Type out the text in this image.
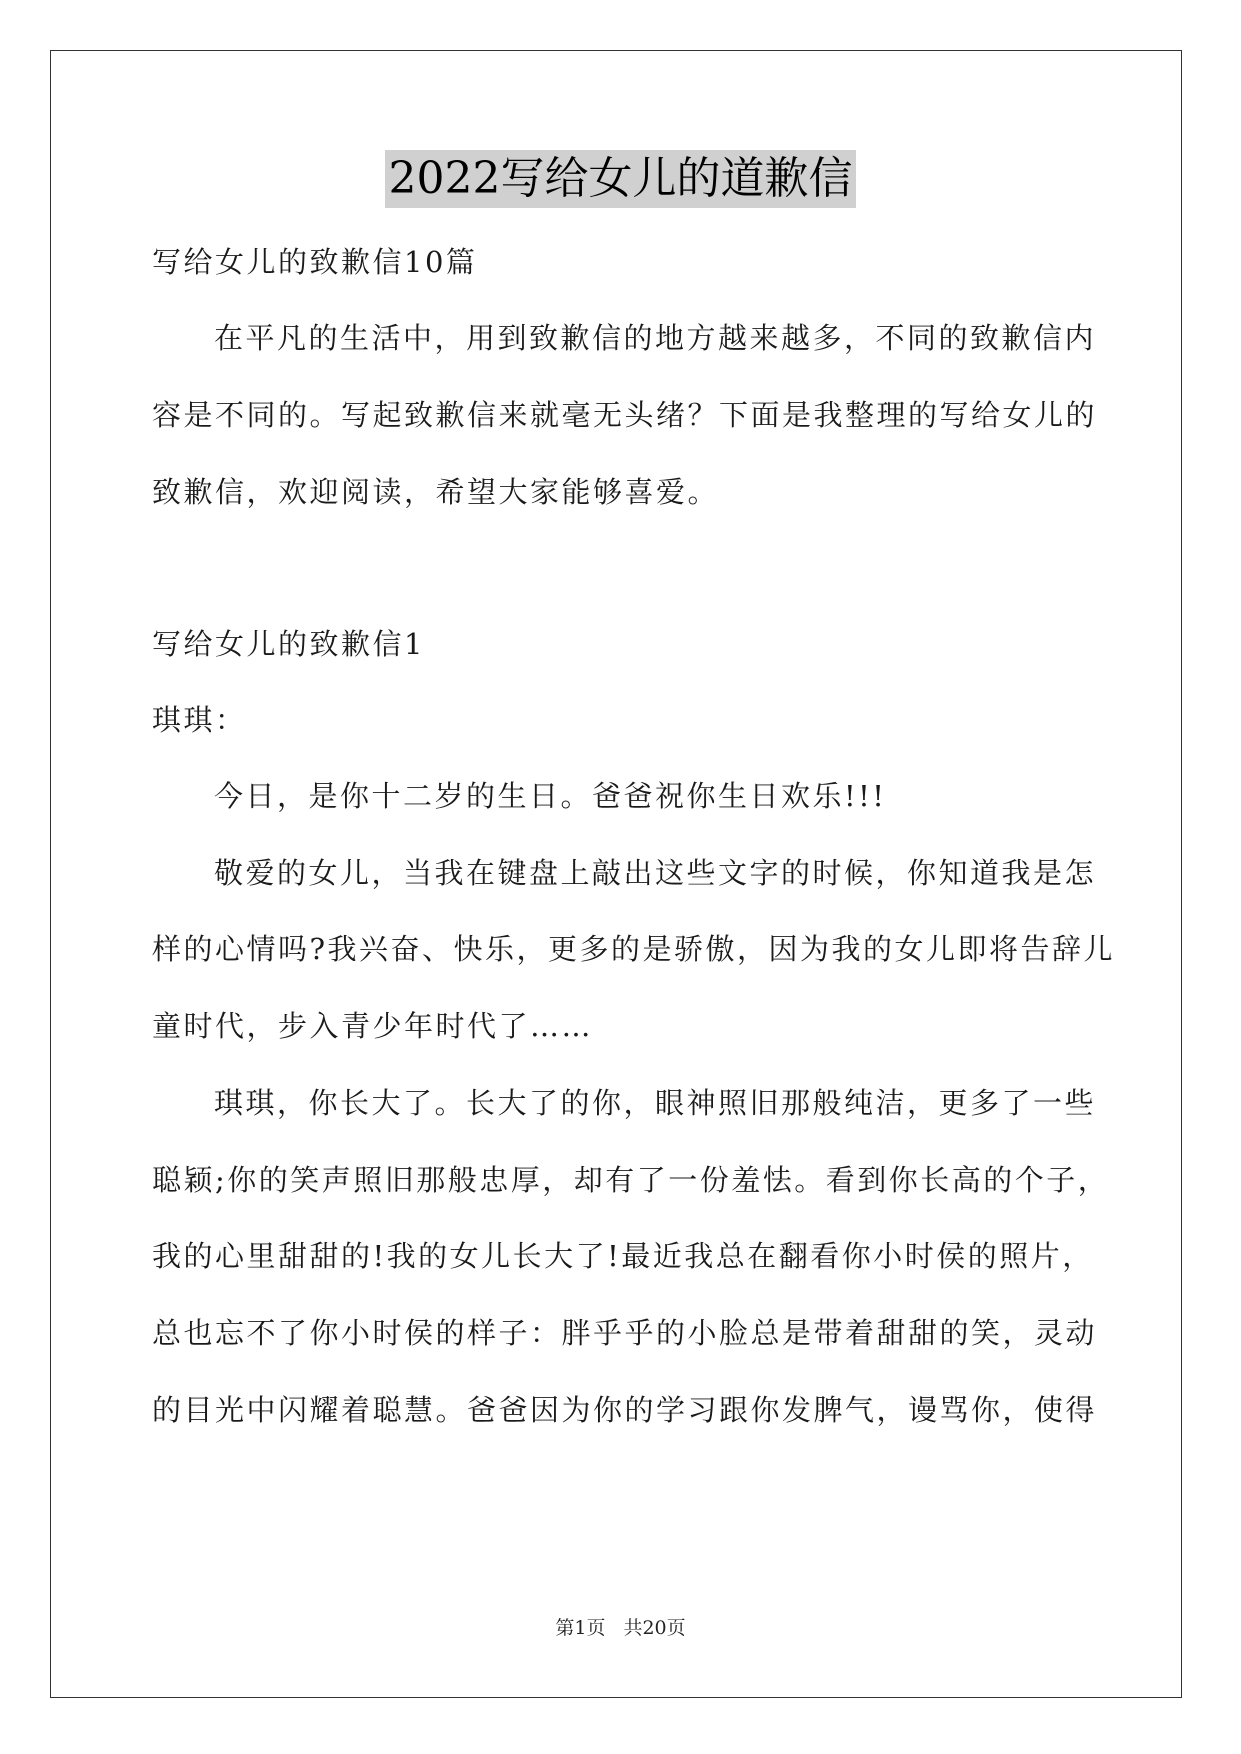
2022写给女儿的道歉信
写给女儿的致歉信10篇
在平凡的生活中，用到致歉信的地方越来越多，不同的致歉信内
容是不同的。写起致歉信来就毫无头绪？下面是我整理的写给女儿的
致歉信，欢迎阅读，希望大家能够喜爱。
写给女儿的致歉信1
琪琪：
今日，是你十二岁的生日。爸爸祝你生日欢乐!!!
敬爱的女儿，当我在键盘上敲出这些文字的时候，你知道我是怎
样的心情吗?我兴奋、快乐，更多的是骄傲，因为我的女儿即将告辞儿
童时代，步入青少年时代了……
琪琪，你长大了。长大了的你，眼神照旧那般纯洁，更多了一些
聪颖;你的笑声照旧那般忠厚，却有了一份羞怯。看到你长高的个子，
我的心里甜甜的!我的女儿长大了!最近我总在翻看你小时侯的照片，
总也忘不了你小时侯的样子：胖乎乎的小脸总是带着甜甜的笑，灵动
的目光中闪耀着聪慧。爸爸因为你的学习跟你发脾气，谩骂你，使得
第1页 共20页
